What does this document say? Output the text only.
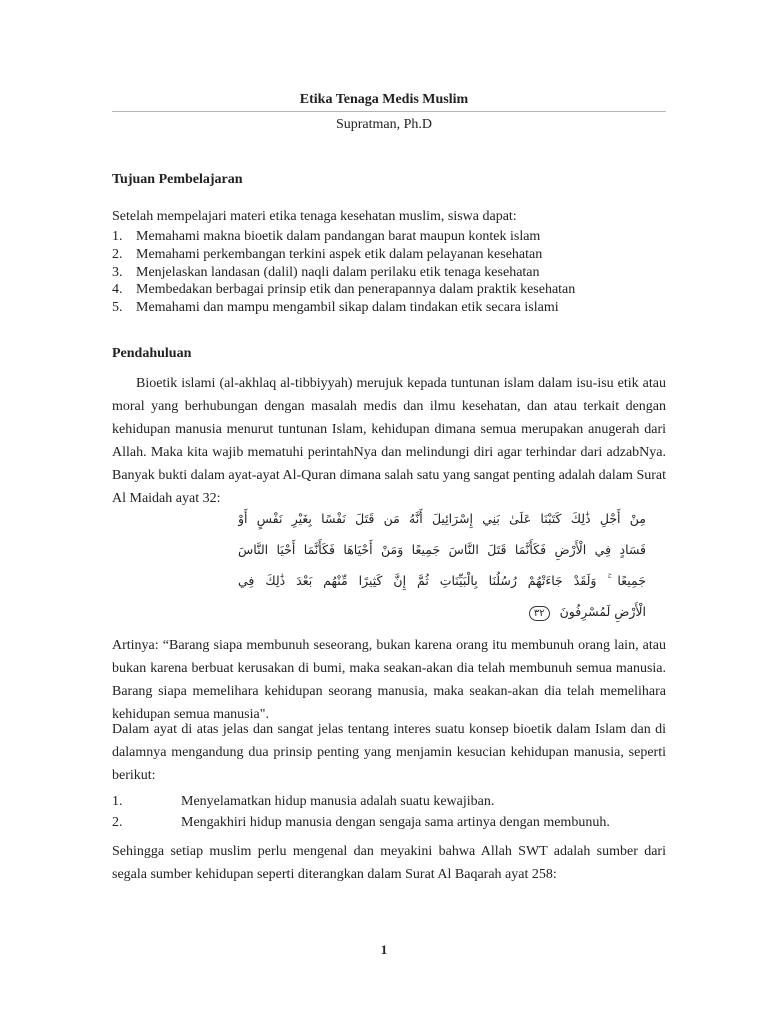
Etika Tenaga Medis Muslim
Supratman, Ph.D
Tujuan Pembelajaran
Setelah mempelajari materi etika tenaga kesehatan muslim, siswa dapat:
1. Memahami makna bioetik dalam pandangan barat maupun kontek islam
2. Memahami perkembangan terkini aspek etik dalam pelayanan kesehatan
3. Menjelaskan landasan (dalil) naqli dalam perilaku etik tenaga kesehatan
4. Membedakan berbagai prinsip etik dan penerapannya dalam praktik kesehatan
5. Memahami dan mampu mengambil sikap dalam tindakan etik secara islami
Pendahuluan
Bioetik islami (al-akhlaq al-tibbiyyah) merujuk kepada tuntunan islam dalam isu-isu etik atau moral yang berhubungan dengan masalah medis dan ilmu kesehatan, dan atau terkait dengan kehidupan manusia menurut tuntunan Islam, kehidupan dimana semua merupakan anugerah dari Allah. Maka kita wajib mematuhi perintahNya dan melindungi diri agar terhindar dari adzabNya. Banyak bukti dalam ayat-ayat Al-Quran dimana salah satu yang sangat penting adalah dalam Surat Al Maidah ayat 32:
مِنْ أَجْلِ ذَٰلِكَ كَتَبْنَا عَلَىٰ بَنِي إِسْرَائِيلَ أَنَّهُ مَن قَتَلَ نَفْسًا بِغَيْرِ نَفْسٍ أَوْ
فَسَادٍ فِي الْأَرْضِ فَكَأَنَّمَا قَتَلَ النَّاسَ جَمِيعًا وَمَنْ أَحْيَاهَا فَكَأَنَّمَا أَحْيَا النَّاسَ
جَمِيعًا ۚ وَلَقَدْ جَاءَتْهُمْ رُسُلُنَا بِالْبَيِّنَاتِ ثُمَّ إِنَّ كَثِيرًا مِّنْهُم بَعْدَ ذَٰلِكَ فِي
الْأَرْضِ لَمُسْرِفُونَ ٣٢
Artinya: “Barang siapa membunuh seseorang, bukan karena orang itu membunuh orang lain, atau bukan karena berbuat kerusakan di bumi, maka seakan-akan dia telah membunuh semua manusia. Barang siapa memelihara kehidupan seorang manusia, maka seakan-akan dia telah memelihara kehidupan semua manusia".
Dalam ayat di atas jelas dan sangat jelas tentang interes suatu konsep bioetik dalam Islam dan di dalamnya mengandung dua prinsip penting yang menjamin kesucian kehidupan manusia, seperti berikut:
1.	Menyelamatkan hidup manusia adalah suatu kewajiban.
2.	Mengakhiri hidup manusia dengan sengaja sama artinya dengan membunuh.
Sehingga setiap muslim perlu mengenal dan meyakini bahwa Allah SWT adalah sumber dari segala sumber kehidupan seperti diterangkan dalam Surat Al Baqarah ayat 258:
1
